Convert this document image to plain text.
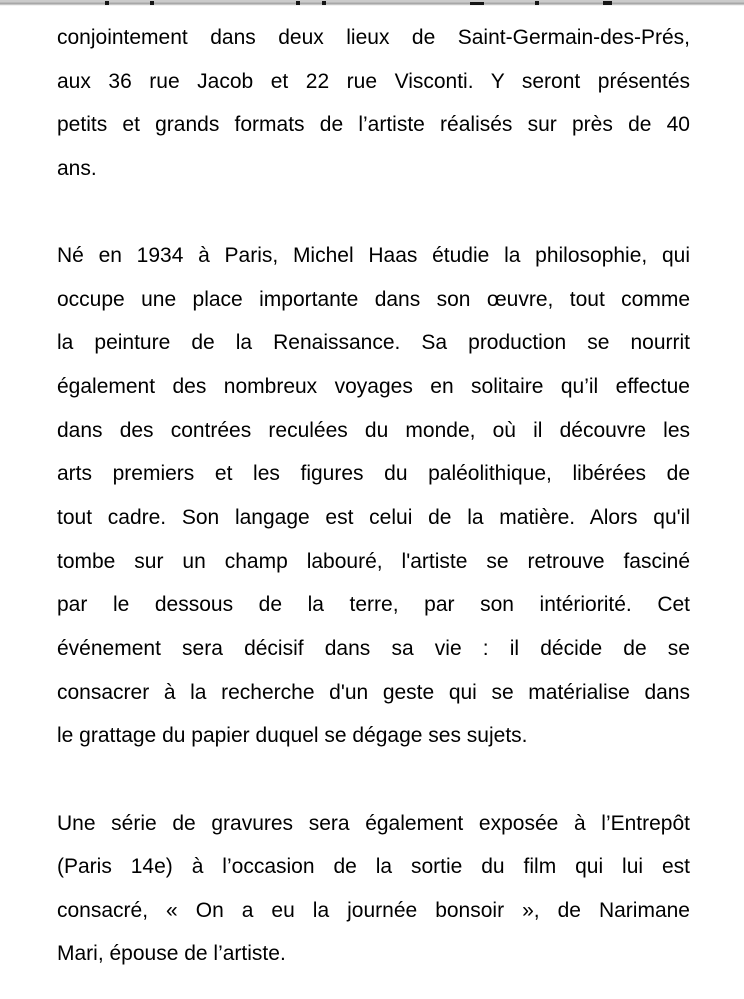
conjointement dans deux lieux de Saint-Germain-des-Prés,
aux 36 rue Jacob et 22 rue Visconti. Y seront présentés
petits et grands formats de l’artiste réalisés sur près de 40
ans.
Né en 1934 à Paris, Michel Haas étudie la philosophie, qui
occupe une place importante dans son œuvre, tout comme
la peinture de la Renaissance. Sa production se nourrit
également des nombreux voyages en solitaire qu’il effectue
dans des contrées reculées du monde, où il découvre les
arts premiers et les figures du paléolithique, libérées de
tout cadre. Son langage est celui de la matière. Alors qu'il
tombe sur un champ labouré, l'artiste se retrouve fasciné
par le dessous de la terre, par son intériorité. Cet
événement sera décisif dans sa vie : il décide de se
consacrer à la recherche d'un geste qui se matérialise dans
le grattage du papier duquel se dégage ses sujets.
Une série de gravures sera également exposée à l’Entrepôt
(Paris 14e) à l’occasion de la sortie du film qui lui est
consacré, « On a eu la journée bonsoir », de Narimane
Mari, épouse de l’artiste.
